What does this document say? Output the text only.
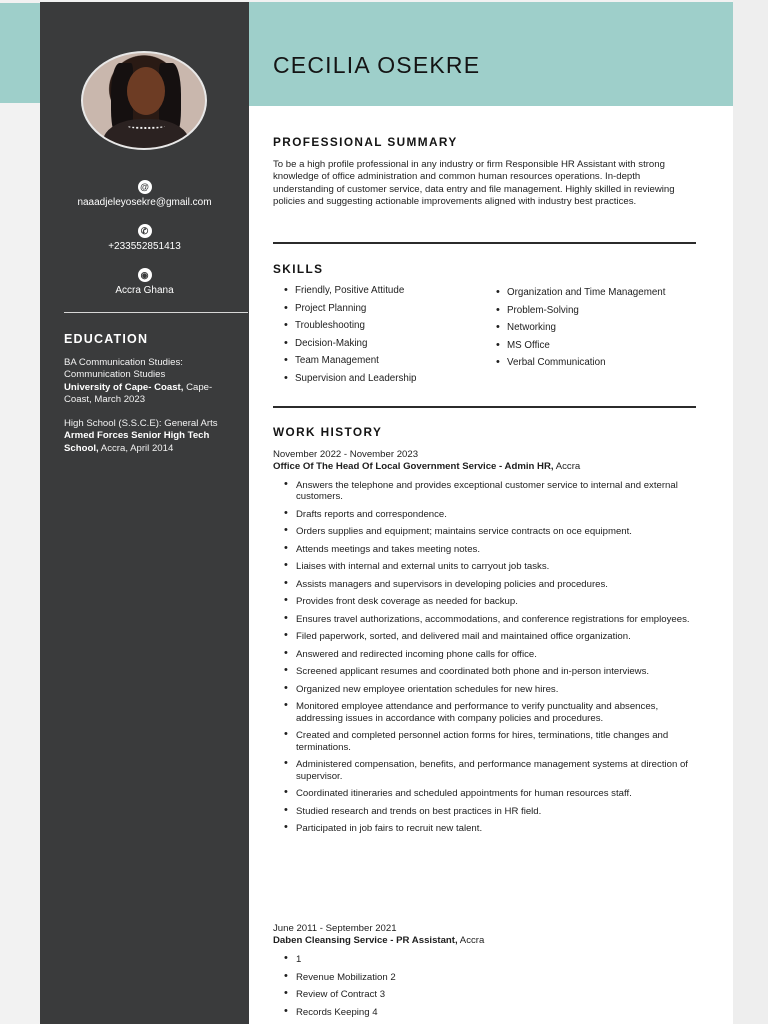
@
naaadjeleyosekre@gmail.com
✆
+233552851413
◉
Accra Ghana
EDUCATION
BA Communication Studies: Communication Studies
University of Cape- Coast, Cape-Coast, March 2023
High School (S.S.C.E): General Arts
Armed Forces Senior High Tech School, Accra, April 2014
CECILIA OSEKRE
PROFESSIONAL SUMMARY
To be a high profile professional in any industry or firm Responsible HR Assistant with strong knowledge of office administration and common human resources operations. In-depth understanding of customer service, data entry and file management. Highly skilled in reviewing policies and suggesting actionable improvements aligned with industry best practices.
SKILLS
• Friendly, Positive Attitude
• Project Planning
• Troubleshooting
• Decision-Making
• Team Management
• Supervision and Leadership
• Organization and Time Management
• Problem-Solving
• Networking
• MS Office
• Verbal Communication
WORK HISTORY
November 2022 - November 2023
Office Of The Head Of Local Government Service - Admin HR, Accra
• Answers the telephone and provides exceptional customer service to internal and external customers.
• Drafts reports and correspondence.
• Orders supplies and equipment; maintains service contracts on oce equipment.
• Attends meetings and takes meeting notes.
• Liaises with internal and external units to carryout job tasks.
• Assists managers and supervisors in developing policies and procedures.
• Provides front desk coverage as needed for backup.
• Ensures travel authorizations, accommodations, and conference registrations for employees.
• Filed paperwork, sorted, and delivered mail and maintained office organization.
• Answered and redirected incoming phone calls for office.
• Screened applicant resumes and coordinated both phone and in-person interviews.
• Organized new employee orientation schedules for new hires.
• Monitored employee attendance and performance to verify punctuality and absences, addressing issues in accordance with company policies and procedures.
• Created and completed personnel action forms for hires, terminations, title changes and terminations.
• Administered compensation, benefits, and performance management systems at direction of supervisor.
• Coordinated itineraries and scheduled appointments for human resources staff.
• Studied research and trends on best practices in HR field.
• Participated in job fairs to recruit new talent.
June 2011 - September 2021
Daben Cleansing Service - PR Assistant, Accra
• 1
• Revenue Mobilization 2
• Review of Contract 3
• Records Keeping 4
